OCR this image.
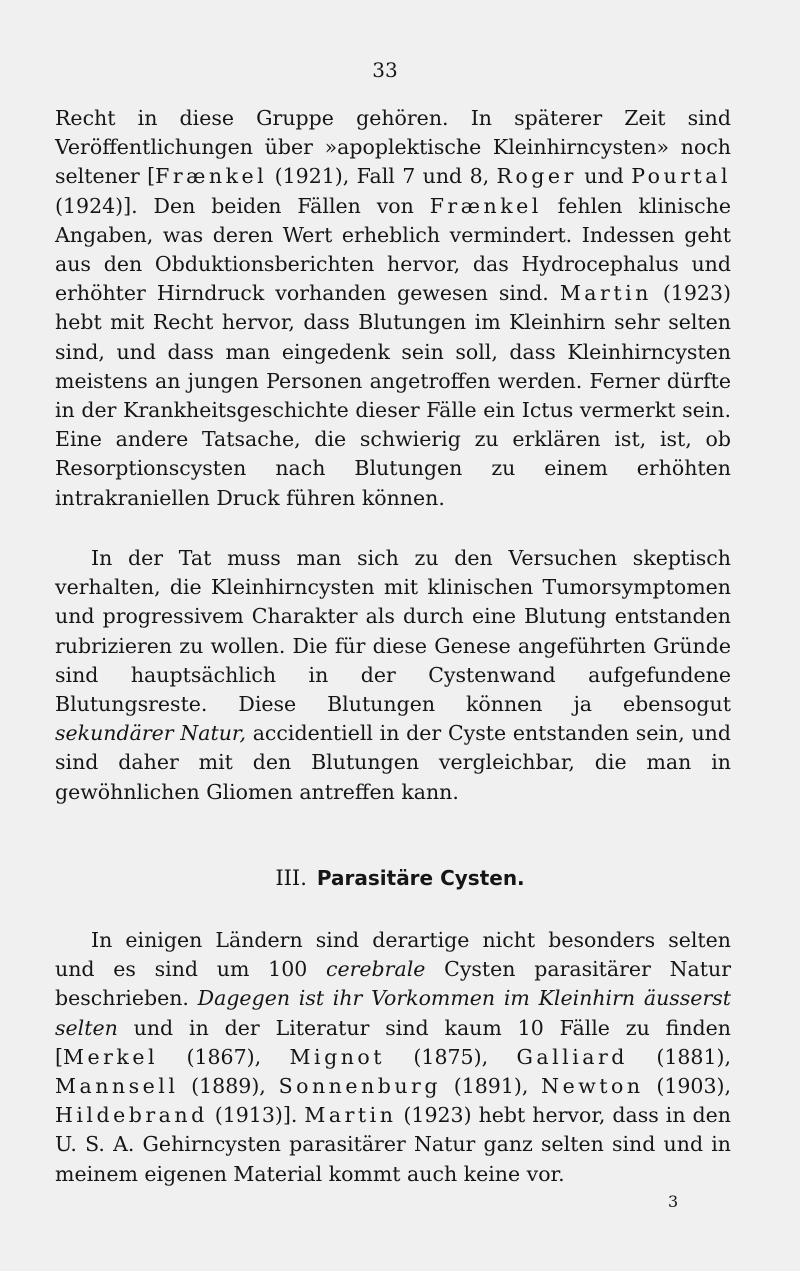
33

Recht in diese Gruppe gehören. In späterer Zeit sind Veröffentlichungen über »apoplektische Kleinhirncysten» noch seltener [Frænkel (1921), Fall 7 und 8, Roger und Pourtal (1924)]. Den beiden Fällen von Frænkel fehlen klinische Angaben, was deren Wert erheblich vermindert. Indessen geht aus den Obduktionsberichten hervor, das Hydrocephalus und erhöhter Hirndruck vorhanden gewesen sind. Martin (1923) hebt mit Recht hervor, dass Blutungen im Kleinhirn sehr selten sind, und dass man eingedenk sein soll, dass Kleinhirncysten meistens an jungen Personen angetroffen werden. Ferner dürfte in der Krankheitsgeschichte dieser Fälle ein Ictus vermerkt sein. Eine andere Tatsache, die schwierig zu erklären ist, ist, ob Resorptionscysten nach Blutungen zu einem erhöhten intrakraniellen Druck führen können.

In der Tat muss man sich zu den Versuchen skeptisch verhalten, die Kleinhirncysten mit klinischen Tumorsymptomen und progressivem Charakter als durch eine Blutung entstanden rubrizieren zu wollen. Die für diese Genese angeführten Gründe sind hauptsächlich in der Cystenwand aufgefundene Blutungsreste. Diese Blutungen können ja ebensogut sekundärer Natur, accidentiell in der Cyste entstanden sein, und sind daher mit den Blutungen vergleichbar, die man in gewöhnlichen Gliomen antreffen kann.

III. Parasitäre Cysten.

In einigen Ländern sind derartige nicht besonders selten und es sind um 100 cerebrale Cysten parasitärer Natur beschrieben. Dagegen ist ihr Vorkommen im Kleinhirn äusserst selten und in der Literatur sind kaum 10 Fälle zu finden [Merkel (1867), Mignot (1875), Galliard (1881), Mannsell (1889), Sonnenburg (1891), Newton (1903), Hildebrand (1913)]. Martin (1923) hebt hervor, dass in den U. S. A. Gehirncysten parasitärer Natur ganz selten sind und in meinem eigenen Material kommt auch keine vor.

3
